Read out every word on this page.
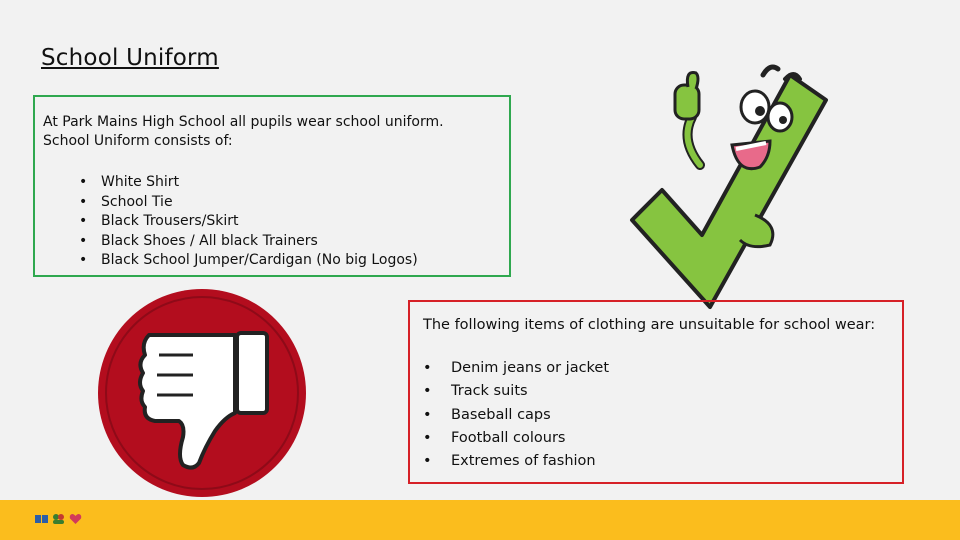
School Uniform
At Park Mains High School all pupils wear school uniform.
School Uniform consists of:
• White Shirt
• School Tie
• Black Trousers/Skirt
• Black Shoes / All black Trainers
• Black School Jumper/Cardigan (No big Logos)
The following items of clothing are unsuitable for school wear:
• Denim jeans or jacket
• Track suits
• Baseball caps
• Football colours
• Extremes of fashion
